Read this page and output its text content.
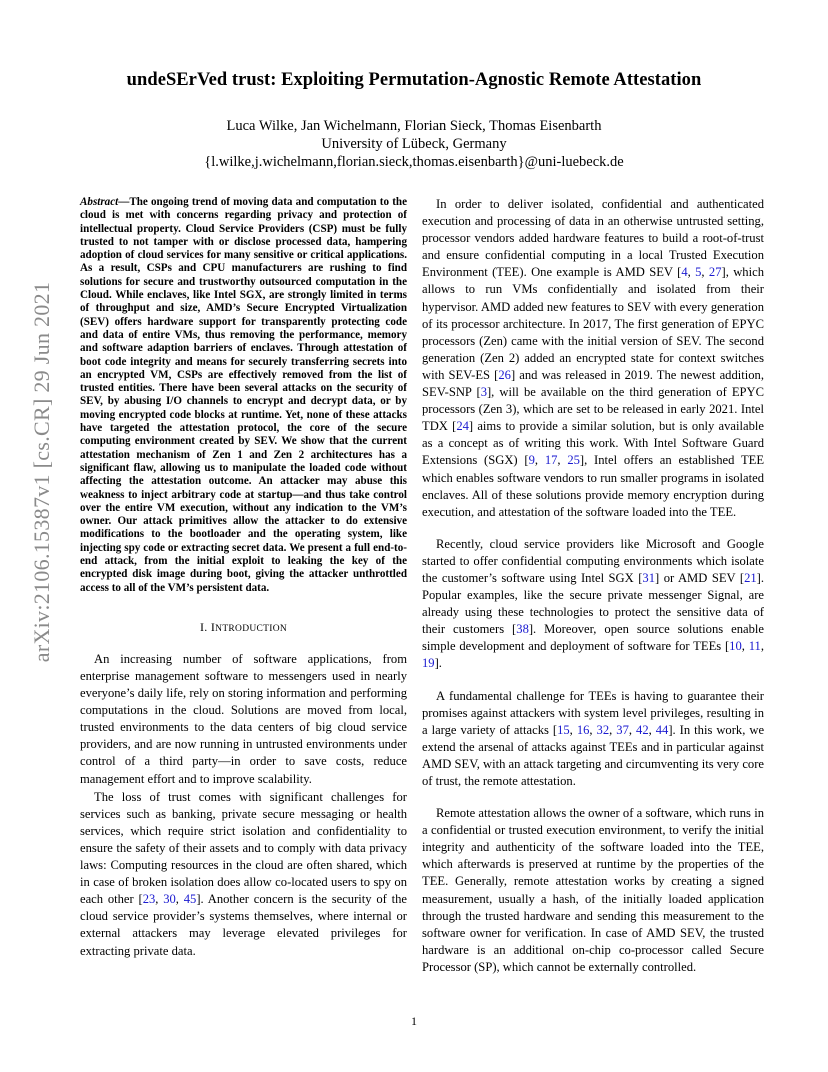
arXiv:2106.15387v1 [cs.CR] 29 Jun 2021
undeSErVed trust: Exploiting Permutation-Agnostic Remote Attestation
Luca Wilke, Jan Wichelmann, Florian Sieck, Thomas Eisenbarth
University of Lübeck, Germany
{l.wilke,j.wichelmann,florian.sieck,thomas.eisenbarth}@uni-luebeck.de
Abstract—The ongoing trend of moving data and computation to the cloud is met with concerns regarding privacy and protection of intellectual property. Cloud Service Providers (CSP) must be fully trusted to not tamper with or disclose processed data, hampering adoption of cloud services for many sensitive or critical applications. As a result, CSPs and CPU manufacturers are rushing to find solutions for secure and trustworthy outsourced computation in the Cloud. While enclaves, like Intel SGX, are strongly limited in terms of throughput and size, AMD’s Secure Encrypted Virtualization (SEV) offers hardware support for transparently protecting code and data of entire VMs, thus removing the performance, memory and software adaption barriers of enclaves. Through attestation of boot code integrity and means for securely transferring secrets into an encrypted VM, CSPs are effectively removed from the list of trusted entities. There have been several attacks on the security of SEV, by abusing I/O channels to encrypt and decrypt data, or by moving encrypted code blocks at runtime. Yet, none of these attacks have targeted the attestation protocol, the core of the secure computing environment created by SEV. We show that the current attestation mechanism of Zen 1 and Zen 2 architectures has a significant flaw, allowing us to manipulate the loaded code without affecting the attestation outcome. An attacker may abuse this weakness to inject arbitrary code at startup—and thus take control over the entire VM execution, without any indication to the VM’s owner. Our attack primitives allow the attacker to do extensive modifications to the bootloader and the operating system, like injecting spy code or extracting secret data. We present a full end-to-end attack, from the initial exploit to leaking the key of the encrypted disk image during boot, giving the attacker unthrottled access to all of the VM’s persistent data.
I. INTRODUCTION

An increasing number of software applications, from enterprise management software to messengers used in nearly everyone’s daily life, rely on storing information and performing computations in the cloud. Solutions are moved from local, trusted environments to the data centers of big cloud service providers, and are now running in untrusted environments under control of a third party—in order to save costs, reduce management effort and to improve scalability.

The loss of trust comes with significant challenges for services such as banking, private secure messaging or health services, which require strict isolation and confidentiality to ensure the safety of their assets and to comply with data privacy laws: Computing resources in the cloud are often shared, which in case of broken isolation does allow co-located users to spy on each other [23, 30, 45]. Another concern is the security of the cloud service provider’s systems themselves, where internal or external attackers may leverage elevated privileges for extracting private data.

In order to deliver isolated, confidential and authenticated execution and processing of data in an otherwise untrusted setting, processor vendors added hardware features to build a root-of-trust and ensure confidential computing in a local Trusted Execution Environment (TEE). One example is AMD SEV [4, 5, 27], which allows to run VMs confidentially and isolated from their hypervisor. AMD added new features to SEV with every generation of its processor architecture. In 2017, The first generation of EPYC processors (Zen) came with the initial version of SEV. The second generation (Zen 2) added an encrypted state for context switches with SEV-ES [26] and was released in 2019. The newest addition, SEV-SNP [3], will be available on the third generation of EPYC processors (Zen 3), which are set to be released in early 2021. Intel TDX [24] aims to provide a similar solution, but is only available as a concept as of writing this work. With Intel Software Guard Extensions (SGX) [9, 17, 25], Intel offers an established TEE which enables software vendors to run smaller programs in isolated enclaves. All of these solutions provide memory encryption during execution, and attestation of the software loaded into the TEE.

Recently, cloud service providers like Microsoft and Google started to offer confidential computing environments which isolate the customer’s software using Intel SGX [31] or AMD SEV [21]. Popular examples, like the secure private messenger Signal, are already using these technologies to protect the sensitive data of their customers [38]. Moreover, open source solutions enable simple development and deployment of software for TEEs [10, 11, 19].

A fundamental challenge for TEEs is having to guarantee their promises against attackers with system level privileges, resulting in a large variety of attacks [15, 16, 32, 37, 42, 44]. In this work, we extend the arsenal of attacks against TEEs and in particular against AMD SEV, with an attack targeting and circumventing its very core of trust, the remote attestation.

Remote attestation allows the owner of a software, which runs in a confidential or trusted execution environment, to verify the initial integrity and authenticity of the software loaded into the TEE, which afterwards is preserved at runtime by the properties of the TEE. Generally, remote attestation works by creating a signed measurement, usually a hash, of the initially loaded application through the trusted hardware and sending this measurement to the software owner for verification. In case of AMD SEV, the trusted hardware is an additional on-chip co-processor called Secure Processor (SP), which cannot be externally controlled.

1
